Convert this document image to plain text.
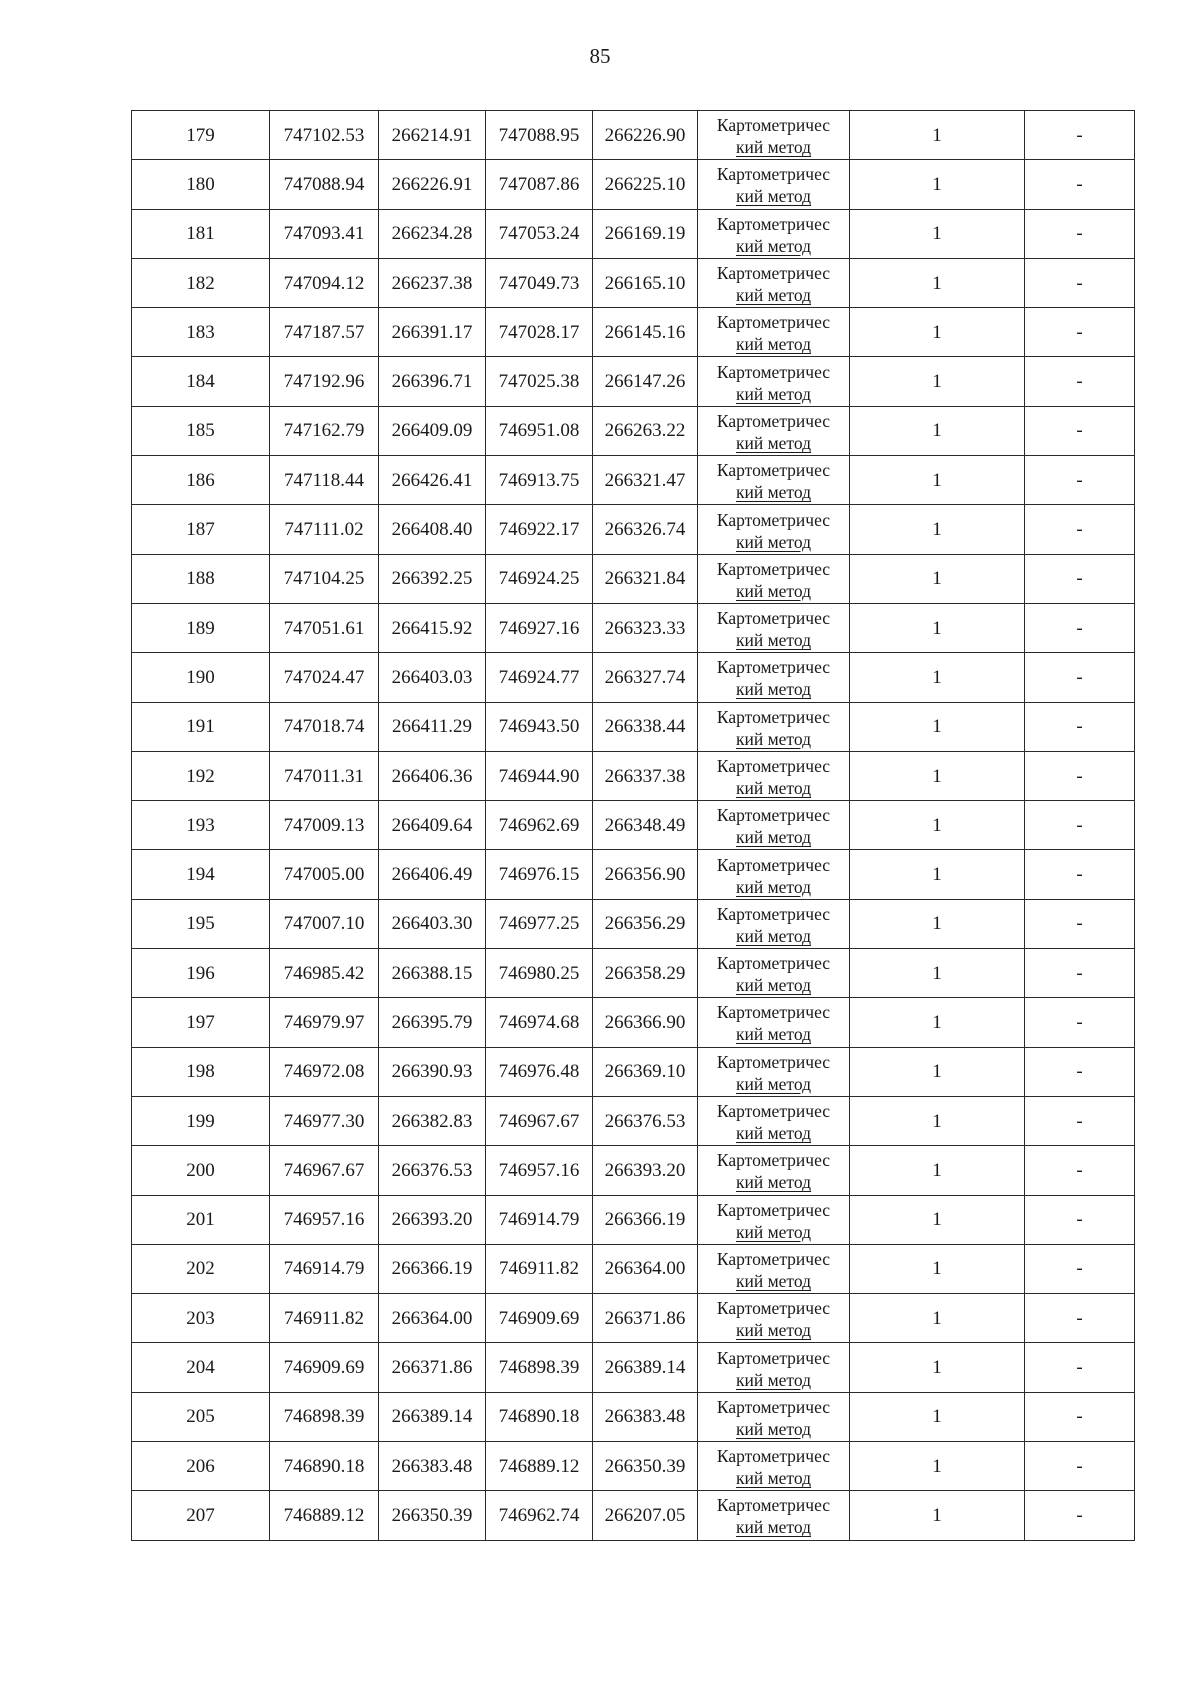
85
179	747102.53	266214.91	747088.95	266226.90	Картометричес
кий метод	1	-
180	747088.94	266226.91	747087.86	266225.10	Картометричес
кий метод	1	-
181	747093.41	266234.28	747053.24	266169.19	Картометричес
кий метод	1	-
182	747094.12	266237.38	747049.73	266165.10	Картометричес
кий метод	1	-
183	747187.57	266391.17	747028.17	266145.16	Картометричес
кий метод	1	-
184	747192.96	266396.71	747025.38	266147.26	Картометричес
кий метод	1	-
185	747162.79	266409.09	746951.08	266263.22	Картометричес
кий метод	1	-
186	747118.44	266426.41	746913.75	266321.47	Картометричес
кий метод	1	-
187	747111.02	266408.40	746922.17	266326.74	Картометричес
кий метод	1	-
188	747104.25	266392.25	746924.25	266321.84	Картометричес
кий метод	1	-
189	747051.61	266415.92	746927.16	266323.33	Картометричес
кий метод	1	-
190	747024.47	266403.03	746924.77	266327.74	Картометричес
кий метод	1	-
191	747018.74	266411.29	746943.50	266338.44	Картометричес
кий метод	1	-
192	747011.31	266406.36	746944.90	266337.38	Картометричес
кий метод	1	-
193	747009.13	266409.64	746962.69	266348.49	Картометричес
кий метод	1	-
194	747005.00	266406.49	746976.15	266356.90	Картометричес
кий метод	1	-
195	747007.10	266403.30	746977.25	266356.29	Картометричес
кий метод	1	-
196	746985.42	266388.15	746980.25	266358.29	Картометричес
кий метод	1	-
197	746979.97	266395.79	746974.68	266366.90	Картометричес
кий метод	1	-
198	746972.08	266390.93	746976.48	266369.10	Картометричес
кий метод	1	-
199	746977.30	266382.83	746967.67	266376.53	Картометричес
кий метод	1	-
200	746967.67	266376.53	746957.16	266393.20	Картометричес
кий метод	1	-
201	746957.16	266393.20	746914.79	266366.19	Картометричес
кий метод	1	-
202	746914.79	266366.19	746911.82	266364.00	Картометричес
кий метод	1	-
203	746911.82	266364.00	746909.69	266371.86	Картометричес
кий метод	1	-
204	746909.69	266371.86	746898.39	266389.14	Картометричес
кий метод	1	-
205	746898.39	266389.14	746890.18	266383.48	Картометричес
кий метод	1	-
206	746890.18	266383.48	746889.12	266350.39	Картометричес
кий метод	1	-
207	746889.12	266350.39	746962.74	266207.05	Картометричес
кий метод	1	-
